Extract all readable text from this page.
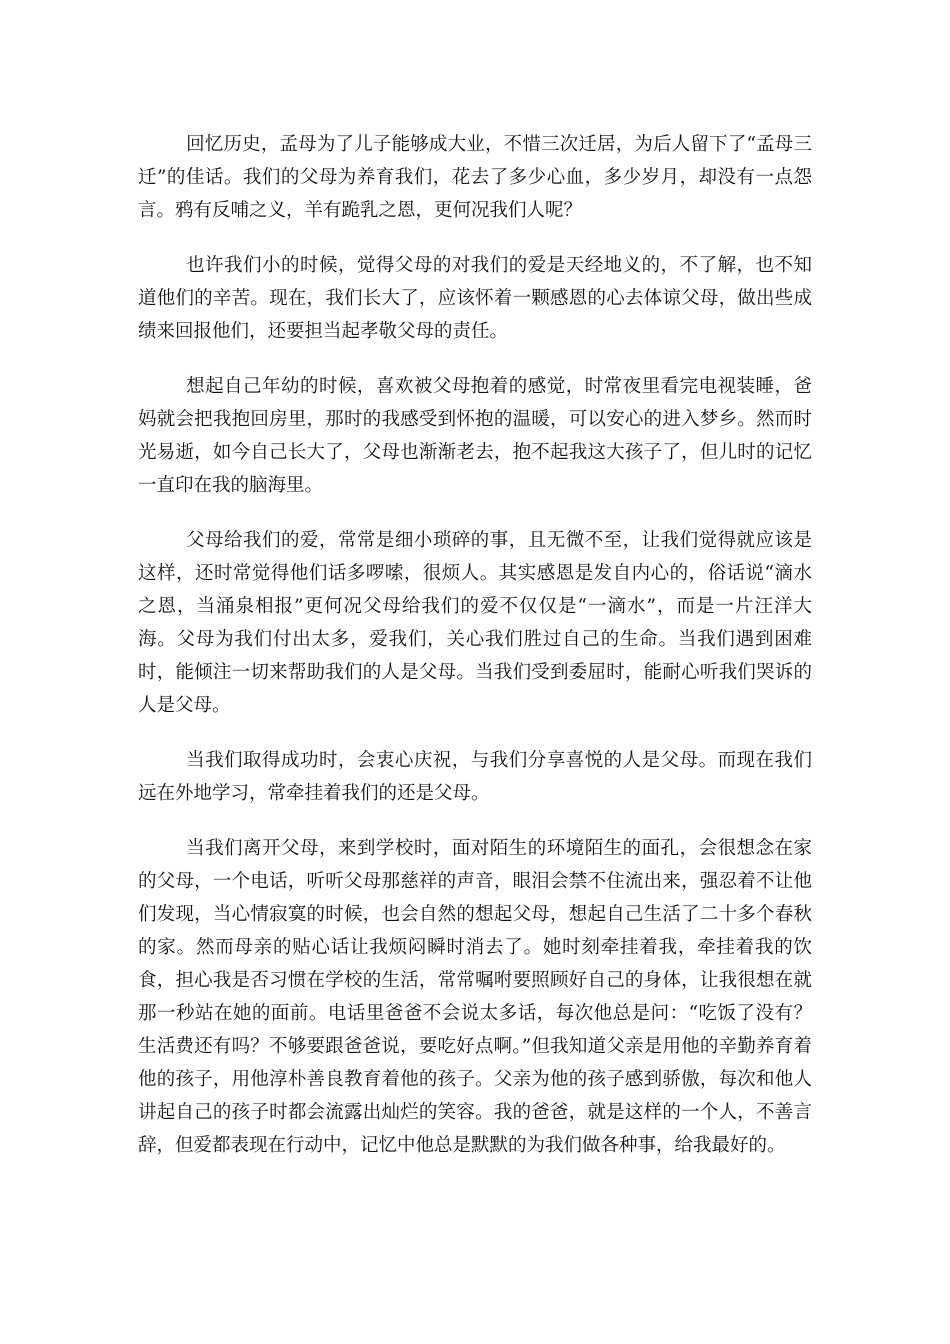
回忆历史，孟母为了儿子能够成大业，不惜三次迁居，为后人留下了“孟母三迁”的佳话。我们的父母为养育我们，花去了多少心血，多少岁月，却没有一点怨言。鸦有反哺之义，羊有跪乳之恩，更何况我们人呢？

也许我们小的时候，觉得父母的对我们的爱是天经地义的，不了解，也不知道他们的辛苦。现在，我们长大了，应该怀着一颗感恩的心去体谅父母，做出些成绩来回报他们，还要担当起孝敬父母的责任。

想起自己年幼的时候，喜欢被父母抱着的感觉，时常夜里看完电视装睡，爸妈就会把我抱回房里，那时的我感受到怀抱的温暖，可以安心的进入梦乡。然而时光易逝，如今自己长大了，父母也渐渐老去，抱不起我这大孩子了，但儿时的记忆一直印在我的脑海里。

父母给我们的爱，常常是细小琐碎的事，且无微不至，让我们觉得就应该是这样，还时常觉得他们话多啰嗦，很烦人。其实感恩是发自内心的，俗话说“滴水之恩，当涌泉相报”更何况父母给我们的爱不仅仅是“一滴水”，而是一片汪洋大海。父母为我们付出太多，爱我们，关心我们胜过自己的生命。当我们遇到困难时，能倾注一切来帮助我们的人是父母。当我们受到委屈时，能耐心听我们哭诉的人是父母。

当我们取得成功时，会衷心庆祝，与我们分享喜悦的人是父母。而现在我们远在外地学习，常牵挂着我们的还是父母。

当我们离开父母，来到学校时，面对陌生的环境陌生的面孔，会很想念在家的父母，一个电话，听听父母那慈祥的声音，眼泪会禁不住流出来，强忍着不让他们发现，当心情寂寞的时候，也会自然的想起父母，想起自己生活了二十多个春秋的家。然而母亲的贴心话让我烦闷瞬时消去了。她时刻牵挂着我，牵挂着我的饮食，担心我是否习惯在学校的生活，常常嘱咐要照顾好自己的身体，让我很想在就那一秒站在她的面前。电话里爸爸不会说太多话，每次他总是问：“吃饭了没有？生活费还有吗？不够要跟爸爸说，要吃好点啊。”但我知道父亲是用他的辛勤养育着他的孩子，用他淳朴善良教育着他的孩子。父亲为他的孩子感到骄傲，每次和他人讲起自己的孩子时都会流露出灿烂的笑容。我的爸爸，就是这样的一个人，不善言辞，但爱都表现在行动中，记忆中他总是默默的为我们做各种事，给我最好的。
